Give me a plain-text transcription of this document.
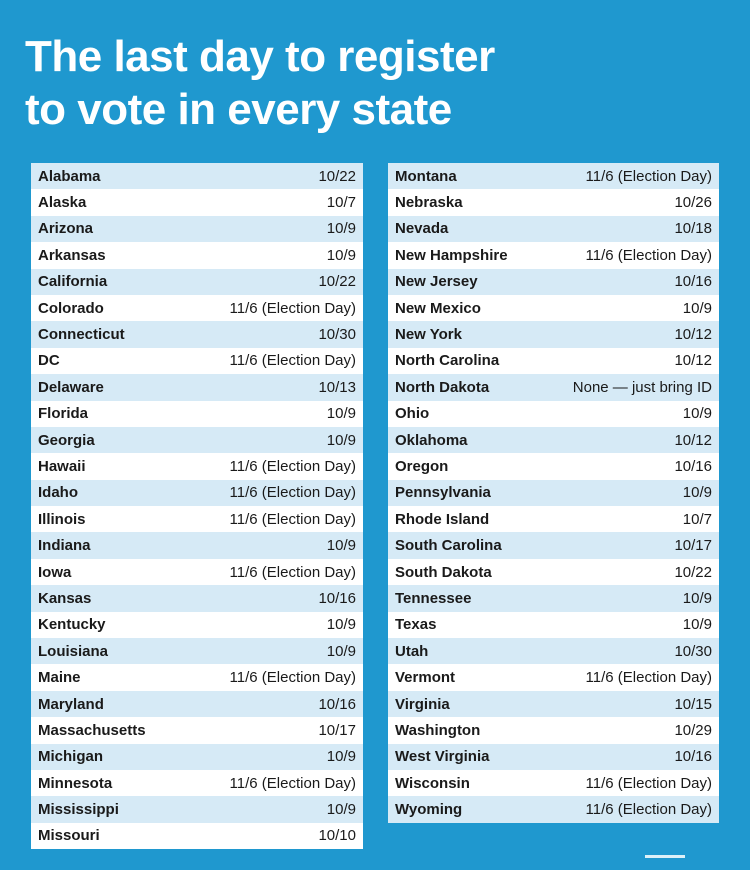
The last day to register
to vote in every state
Alabama	10/22
Alaska	10/7
Arizona	10/9
Arkansas	10/9
California	10/22
Colorado	11/6 (Election Day)
Connecticut	10/30
DC	11/6 (Election Day)
Delaware	10/13
Florida	10/9
Georgia	10/9
Hawaii	11/6 (Election Day)
Idaho	11/6 (Election Day)
Illinois	11/6 (Election Day)
Indiana	10/9
Iowa	11/6 (Election Day)
Kansas	10/16
Kentucky	10/9
Louisiana	10/9
Maine	11/6 (Election Day)
Maryland	10/16
Massachusetts	10/17
Michigan	10/9
Minnesota	11/6 (Election Day)
Mississippi	10/9
Missouri	10/10
Montana	11/6 (Election Day)
Nebraska	10/26
Nevada	10/18
New Hampshire	11/6 (Election Day)
New Jersey	10/16
New Mexico	10/9
New York	10/12
North Carolina	10/12
North Dakota	None — just bring ID
Ohio	10/9
Oklahoma	10/12
Oregon	10/16
Pennsylvania	10/9
Rhode Island	10/7
South Carolina	10/17
South Dakota	10/22
Tennessee	10/9
Texas	10/9
Utah	10/30
Vermont	11/6 (Election Day)
Virginia	10/15
Washington	10/29
West Virginia	10/16
Wisconsin	11/6 (Election Day)
Wyoming	11/6 (Election Day)
